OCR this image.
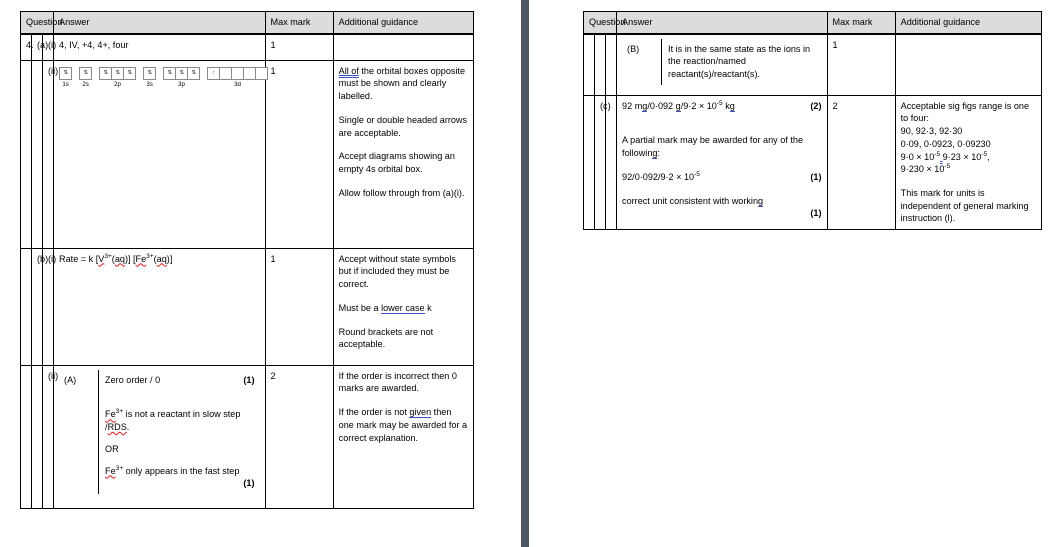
Question			Answer	Max mark	Additional guidance
4.	(a)	(i)	4, IV, +4, 4+, four	1	
		(ii)	⇅
1s
⇅
2s
⇅	⇅	⇅
2p
⇅
3s
⇅	⇅	⇅
3p
↑
3d
	1	All of the orbital boxes opposite must be shown and clearly labelled.

Single or double headed arrows are acceptable.

Accept diagrams showing an empty 4s orbital box.

Allow follow through from (a)(i).

	(b)	(i)	Rate = k $[V^{3+}(aq)]$ $[Fe^{3+}(aq)]$	1	Accept without state symbols but if included they must be correct.

Must be a lower case k

Round brackets are not acceptable.

		(ii)	(A)	Zero order / 0	(1)

$Fe^{3+}$ is not a reactant in slow step /RDS.

OR

$Fe^{3+}$ only appears in the fast step

(1)

	2	If the order is incorrect then 0 marks are awarded.

If the order is not given then one mark may be awarded for a correct explanation.

Question			Answer	Max mark	Additional guidance

(B)	It is in the same state as the ions in the reaction/named reactant(s)/reactant(s).	1	
	(c)		92 mg/0·092 $g/9\cdot 2 \times 10^{-5}$ kg	(2)

A partial mark may be awarded for any of the following:

$92/0\cdot 092/9\cdot 2 \times 10^{-5}$	(1)

correct unit consistent with working

(1)

	2	Acceptable sig figs range is one to four:

90, 92·3, 92·30

0·09, 0·0923, 0·09230

$9\cdot 0 \times 10^{-5}$ $9\cdot 23 \times 10^{-5}$,

$9\cdot 230 \times 10^{-5}$

This mark for units is independent of general marking instruction (l).
